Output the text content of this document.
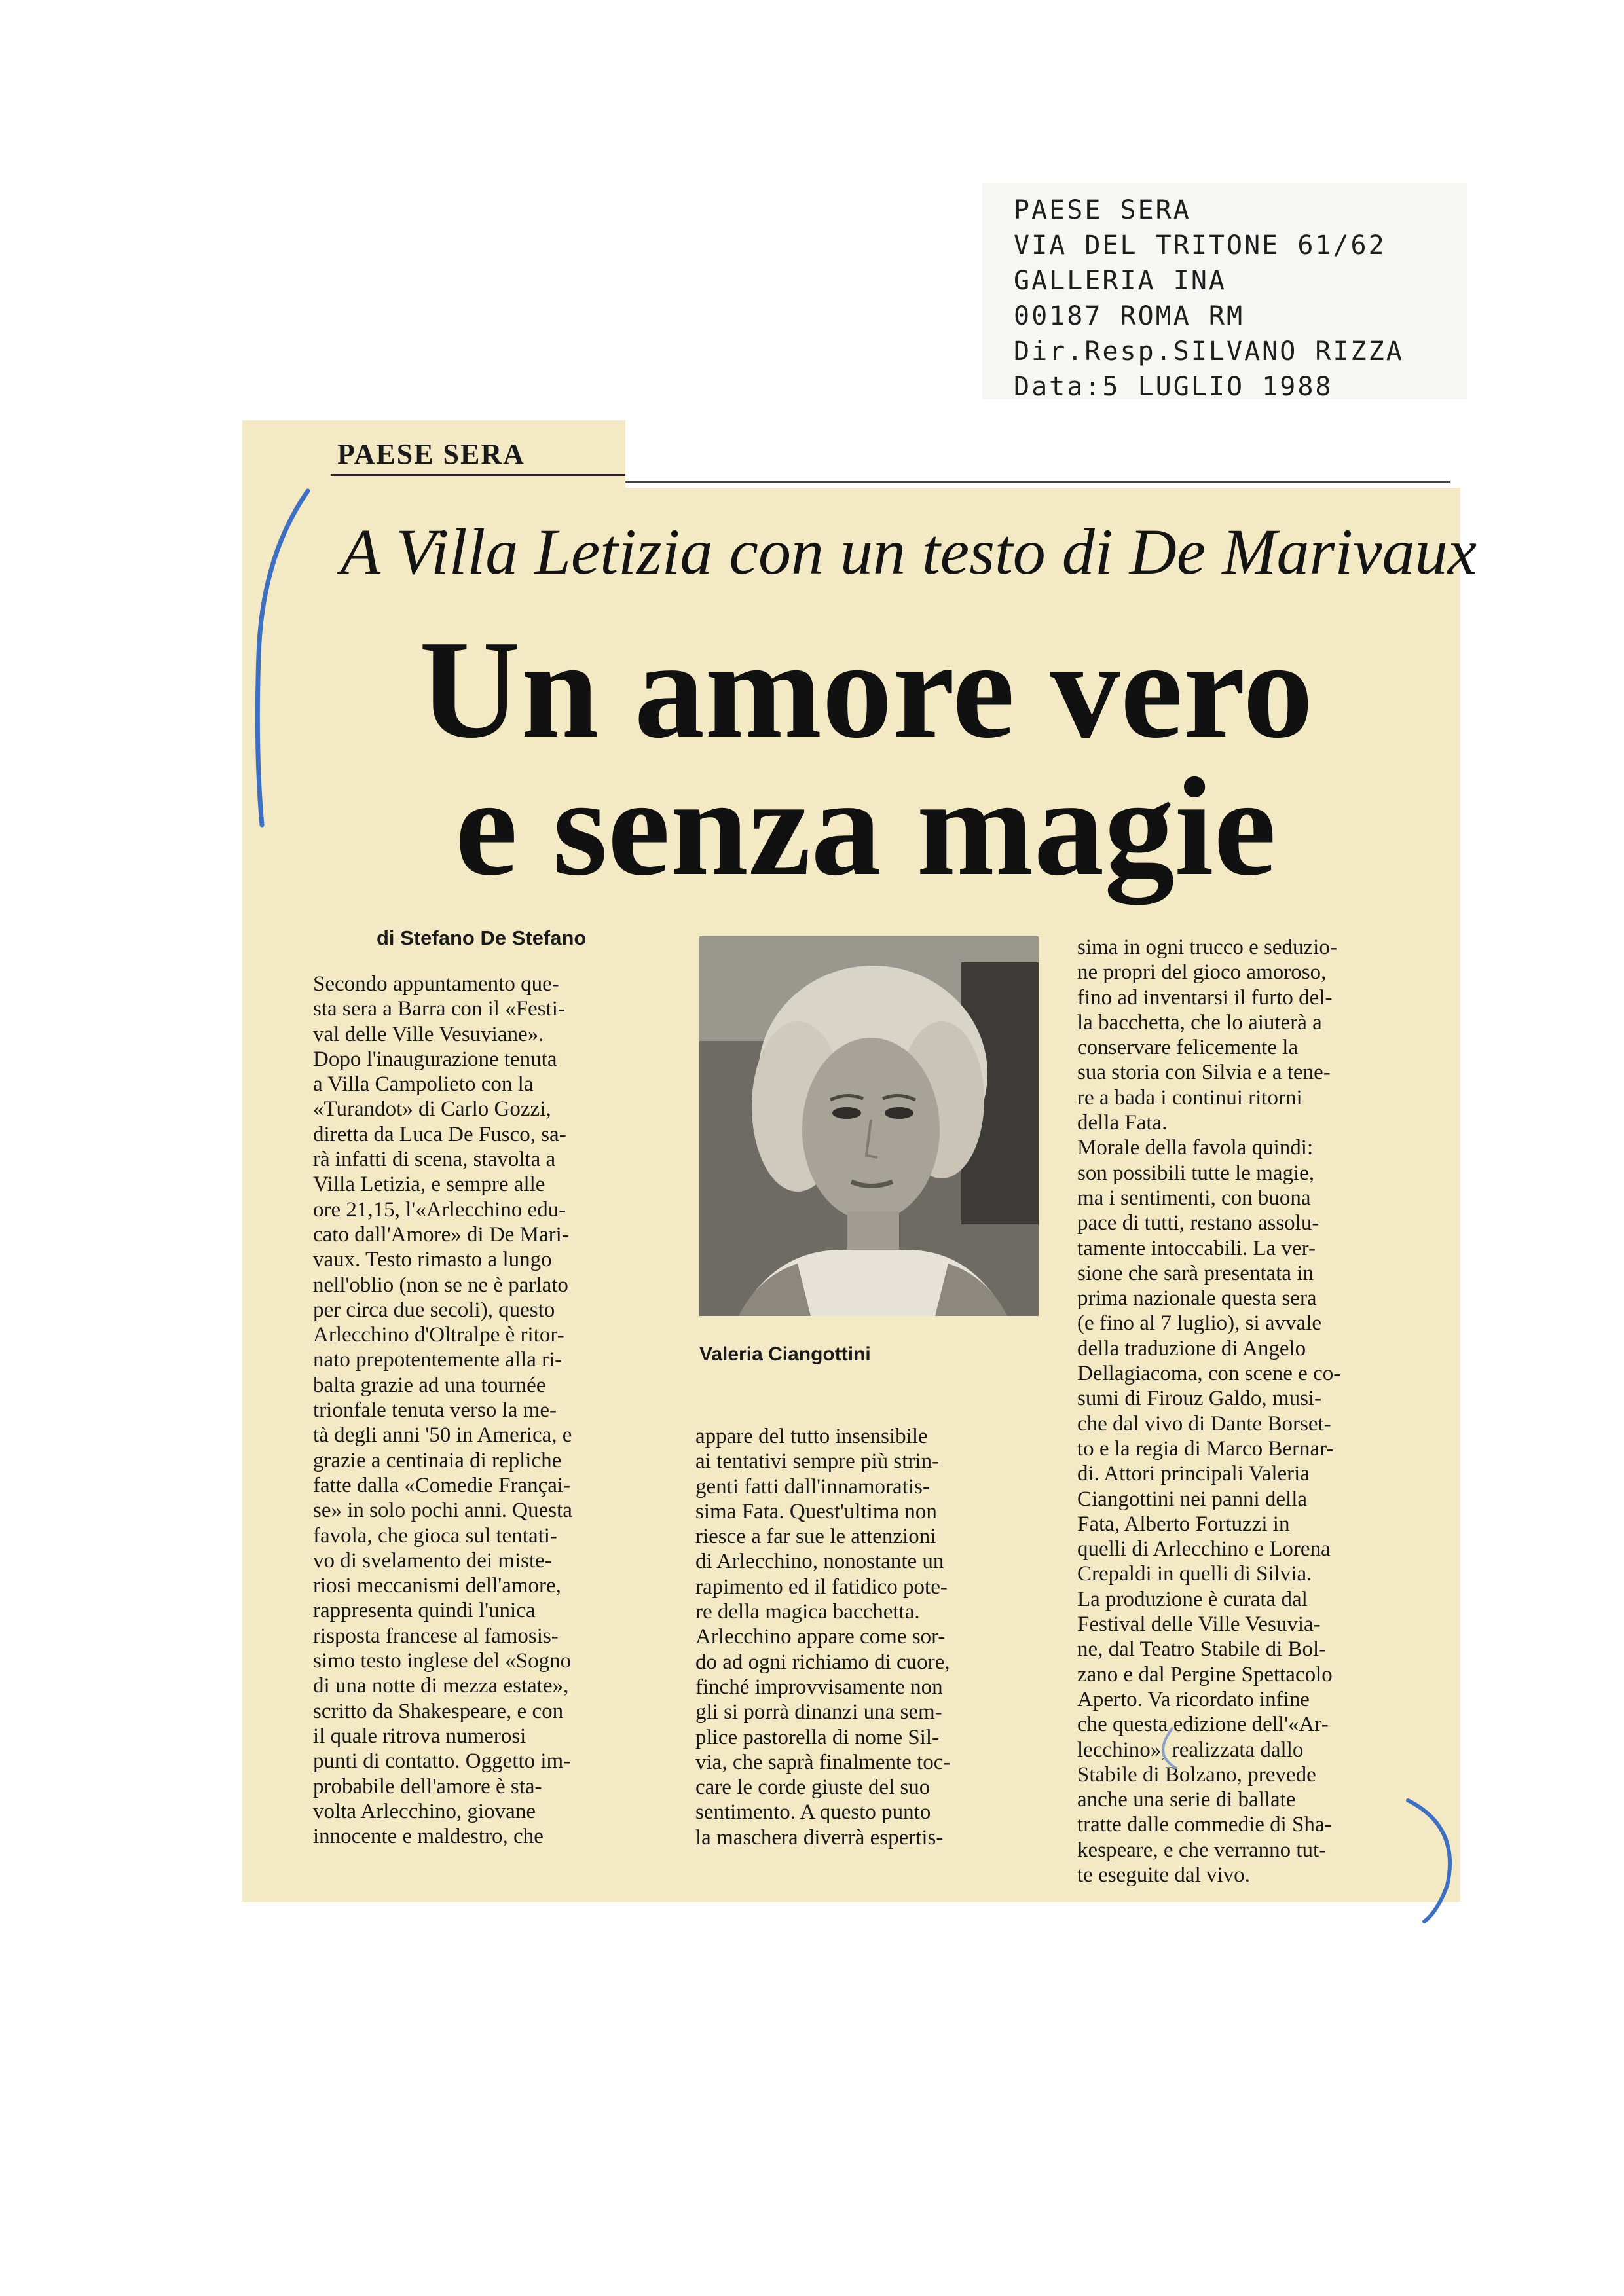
PAESE SERA
VIA DEL TRITONE 61/62
GALLERIA INA
00187 ROMA RM
Dir.Resp.SILVANO RIZZA
Data:5 LUGLIO 1988
PAESE SERA
A Villa Letizia con un testo di De Marivaux
Un amore vero
e senza magie
di Stefano De Stefano

Secondo appuntamento que-

sta sera a Barra con il «Festi-

val delle Ville Vesuviane».

Dopo l'inaugurazione tenuta

a Villa Campolieto con la

«Turandot» di Carlo Gozzi,

diretta da Luca De Fusco, sa-

rà infatti di scena, stavolta a

Villa Letizia, e sempre alle

ore 21,15, l'«Arlecchino edu-

cato dall'Amore» di De Mari-

vaux. Testo rimasto a lungo

nell'oblio (non se ne è parlato

per circa due secoli), questo

Arlecchino d'Oltralpe è ritor-

nato prepotentemente alla ri-

balta grazie ad una tournée

trionfale tenuta verso la me-

tà degli anni '50 in America, e

grazie a centinaia di repliche

fatte dalla «Comedie Françai-

se» in solo pochi anni. Questa

favola, che gioca sul tentati-

vo di svelamento dei miste-

riosi meccanismi dell'amore,

rappresenta quindi l'unica

risposta francese al famosis-

simo testo inglese del «Sogno

di una notte di mezza estate»,

scritto da Shakespeare, e con

il quale ritrova numerosi

punti di contatto. Oggetto im-

probabile dell'amore è sta-

volta Arlecchino, giovane

innocente e maldestro, che

Valeria Ciangottini

appare del tutto insensibile

ai tentativi sempre più strin-

genti fatti dall'innamoratis-

sima Fata. Quest'ultima non

riesce a far sue le attenzioni

di Arlecchino, nonostante un

rapimento ed il fatidico pote-

re della magica bacchetta.

Arlecchino appare come sor-

do ad ogni richiamo di cuore,

finché improvvisamente non

gli si porrà dinanzi una sem-

plice pastorella di nome Sil-

via, che saprà finalmente toc-

care le corde giuste del suo

sentimento. A questo punto

la maschera diverrà espertis-

sima in ogni trucco e seduzio-

ne propri del gioco amoroso,

fino ad inventarsi il furto del-

la bacchetta, che lo aiuterà a

conservare felicemente la

sua storia con Silvia e a tene-

re a bada i continui ritorni

della Fata.

Morale della favola quindi:

son possibili tutte le magie,

ma i sentimenti, con buona

pace di tutti, restano assolu-

tamente intoccabili. La ver-

sione che sarà presentata in

prima nazionale questa sera

(e fino al 7 luglio), si avvale

della traduzione di Angelo

Dellagiacoma, con scene e co-

sumi di Firouz Galdo, musi-

che dal vivo di Dante Borset-

to e la regia di Marco Bernar-

di. Attori principali Valeria

Ciangottini nei panni della

Fata, Alberto Fortuzzi in

quelli di Arlecchino e Lorena

Crepaldi in quelli di Silvia.

La produzione è curata dal

Festival delle Ville Vesuvia-

ne, dal Teatro Stabile di Bol-

zano e dal Pergine Spettacolo

Aperto. Va ricordato infine

che questa edizione dell'«Ar-

lecchino», realizzata dallo

Stabile di Bolzano, prevede

anche una serie di ballate

tratte dalle commedie di Sha-

kespeare, e che verranno tut-

te eseguite dal vivo.
